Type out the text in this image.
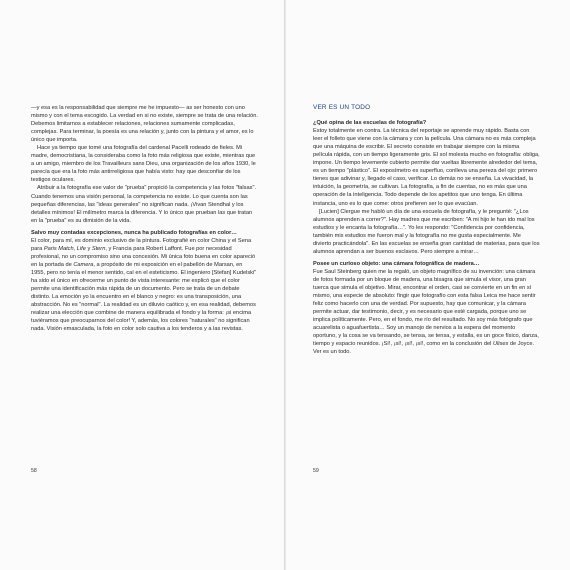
—y esa es la responsabilidad que siempre me he impuesto— as ser honesto con uno mismo y con el tema escogido. La verdad en si no existe, siempre se trata de una relación. Debemos limitarnos a establecer relaciones, relaciones sumamente complicadas, complejas. Para terminar, la poesía es una relación y, junto con la pintura y el amor, es lo único que importa.

Hace ya tiempo que tomé una fotografía del cardenal Pacelli rodeado de fieles. Mi madre, democristiana, la consideraba como la foto más religiosa que existe, mientras que a un amigo, miembro de los Travailleurs sans Dieu, una organización de los años 1930, le parecía que era la foto más antirreligiosa que había visto: hay que desconfiar de los testigos oculares.

Atribuir a la fotografía ese valor de "prueba" propició la competencia y las fotos "falsas". Cuando tenemos una visión personal, la competencia no existe. Lo que cuenta son las pequeñas diferencias, las "ideas generales" no significan nada. ¡Vivan Stendhal y los detalles mínimos! El milímetro marca la diferencia. Y lo único que prueban las que tratan en la "prueba" es su dimisión de la vida.

Salvo muy contadas excepciones, nunca ha publicado fotografías en color…

El color, para mí, es dominio exclusivo de la pintura. Fotografié en color China y el Sena para Paris Match, Life y Stern, y Francia para Robert Laffont. Fue por necesidad profesional, no un compromiso sino una concesión. Mi única foto buena en color apareció en la portada de Camera, a propósito de mi exposición en el pabellón de Marsan, en 1955, pero no tenía el menor sentido, caí en el esteticismo. El ingeniero [Stefan] Kudelski" ha sido el único en ofrecerme un punto de vista interesante: me explicó que el color permite una identificación más rápida de un documento. Pero se trata de un debate distinto. La emoción yo la encuentro en el blanco y negro: es una transposición, una abstracción. No es "normal". La realidad es un diluvio caótico y, en esa realidad, debemos realizar una elección que combine de manera equilibrada el fondo y la forma: ¡si encima tuviéramos que preocuparnos del color! Y, además, los colores "naturales" no significan nada. Visión emasculada, la foto en color solo cautiva a los tenderos y a las revistas.

58

VER ES UN TODO

¿Qué opina de las escuelas de fotografía?

Estoy totalmente en contra. La técnica del reportaje se aprende muy rápido. Basta con leer el folleto que viene con la cámara y con la película. Una cámara no es más compleja que una máquina de escribir. El secreto consiste en trabajar siempre con la misma película rápida, con un tiempo ligeramente gris. El sol molesta mucho en fotografía: obliga, imponе. Un tiempo levemente cubierto permite dar vueltas libremente alrededor del tema, es un tiempo "plástico". El exposímetro es superfluo, conlleva una pereza del ojo: primero tienes que adivinar y, llegado el caso, verificar. Lo demás no se enseña. La vivacidad, la intuición, la geometría, se cultivan. La fotografía, a fin de cuentas, no es más que una operación de la inteligencia. Todo depende de los apetitos que uno tenga. En última instancia, uno es lo que come: otros prefieren ser lo que evacúan.

[Lucien] Clergue me habló un día de una escuela de fotografía, y le pregunté: "¿Los alumnos aprenden a correr?". Hay madres que me escriben: "A mi hijo le han ido mal los estudios y le encanta la fotografía…". Yo les respondo: "Confidencia por confidencia, también mis estudios me fueron mal y la fotografía no me gusta especialmente. Me divierto practicándola". En las escuelas se enseña gran cantidad de materias, para que los alumnos aprendan a ser buenos esclavos. Pero siempre a mirar…

Posee un curioso objeto: una cámara fotográfica de madera…

Fue Saul Steinberg quien me la regaló, un objeto magnífico de su invención: una cámara de fotos formada por un bloque de madera, una bisagra que simula el visor, una gran tuerca que simula el objetivo. Mirar, encontrar el orden, casi se convierte en un fin en sí mismo, una especie de absoluto: fingir que fotografío con esta falsa Leica me hace sentir feliz como hacerlo con una de verdad. Por supuesto, hay que comunicar, y la cámara permite actuar, dar testimonio, decir, y es necesario que esté cargada, porque uno se implica políticamente. Pero, en el fondo, me río del resultado. No soy más fotógrafo que acuarelista o aguafuertista… Soy un manojo de nervios a la espera del momento oportuno, y la cosa se va tensando, se tensa, se tensa, y estalla, es un goce físico, danza, tiempo y espacio reunidos. ¡Sí!, ¡sí!, ¡sí!, ¡sí!, como en la conclusión del Ulises de Joyce. Ver es un todo.

59
